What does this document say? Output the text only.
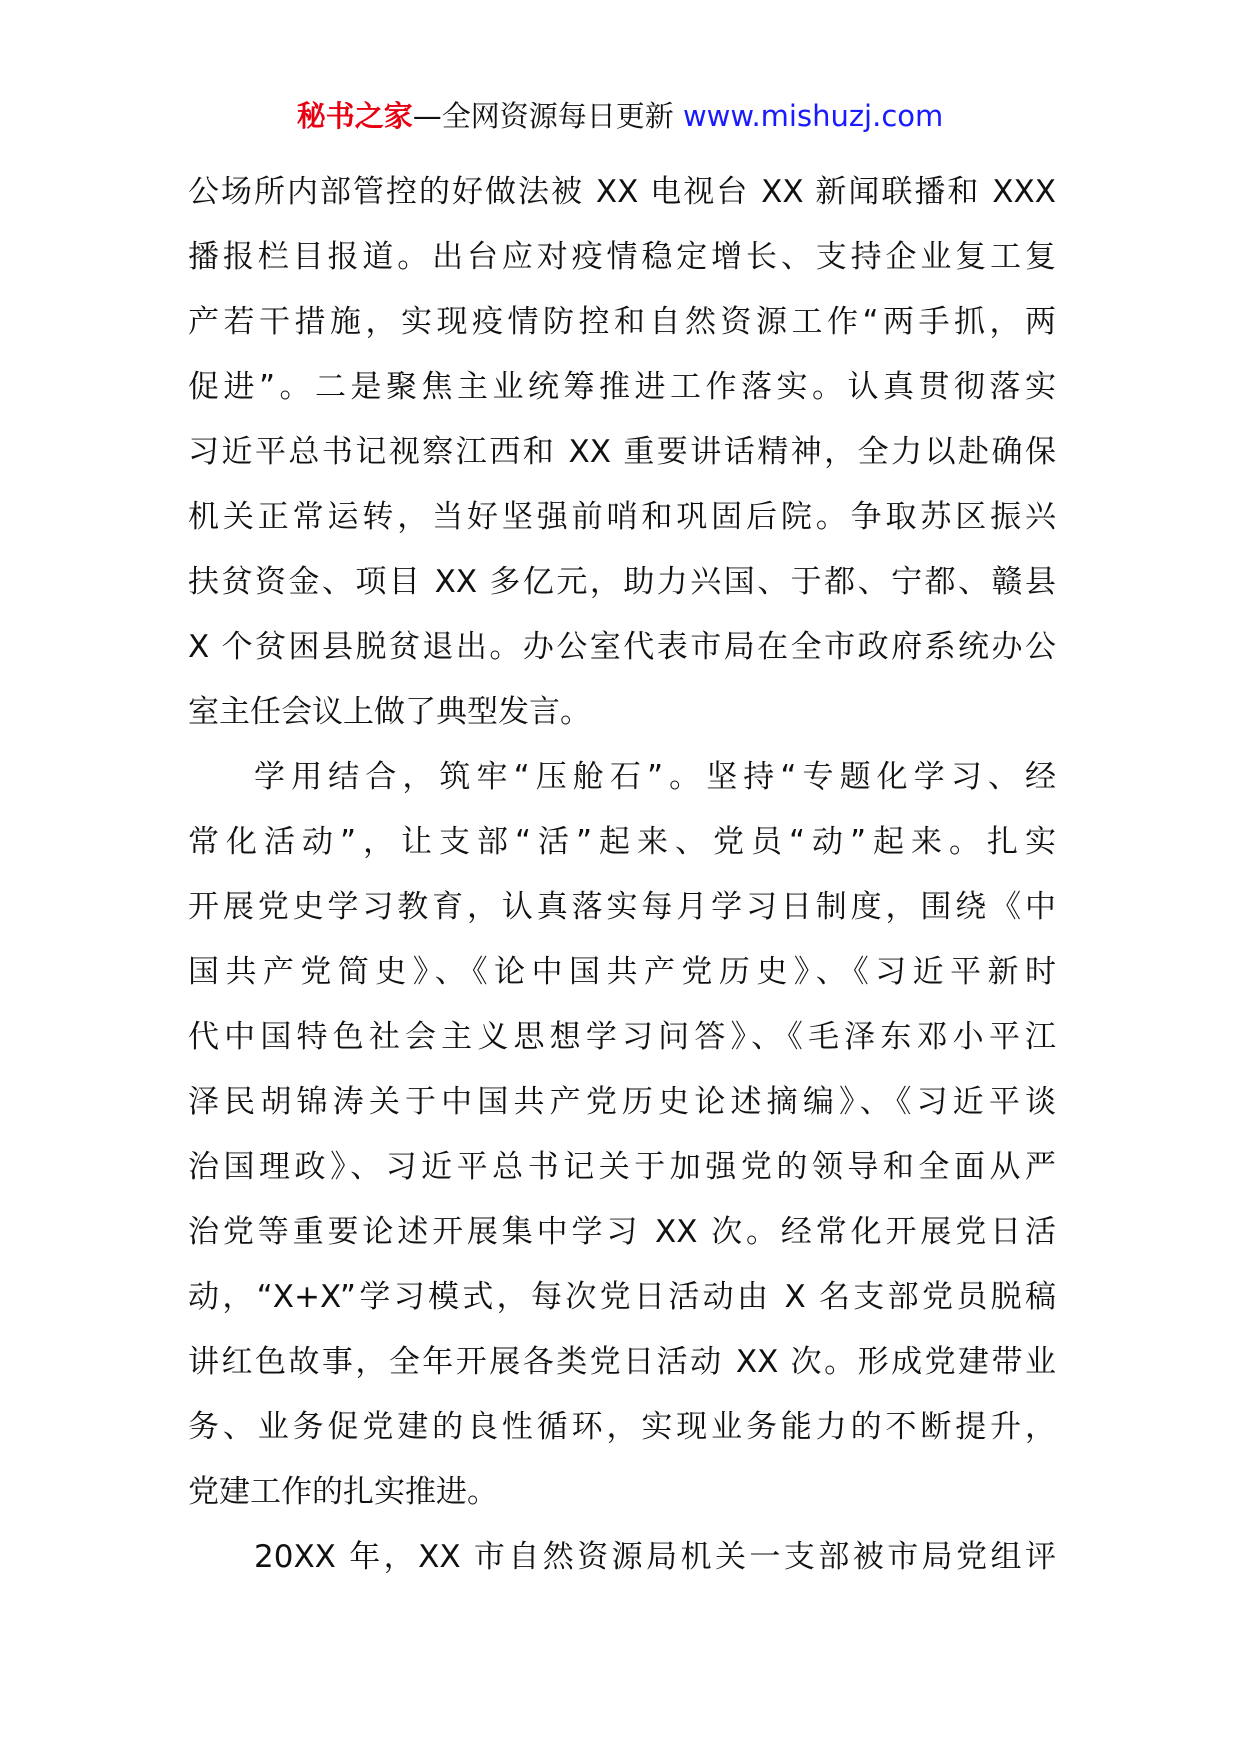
秘书之家—全网资源每日更新 www.mishuzj.com
公场所内部管控的好做法被 XX 电视台 XX 新闻联播和 XXX
播报栏目报道。出台应对疫情稳定增长、支持企业复工复
产若干措施，实现疫情防控和自然资源工作“两手抓，两
促进”。二是聚焦主业统筹推进工作落实。认真贯彻落实
习近平总书记视察江西和 XX 重要讲话精神，全力以赴确保
机关正常运转，当好坚强前哨和巩固后院。争取苏区振兴
扶贫资金、项目 XX 多亿元，助力兴国、于都、宁都、赣县
X 个贫困县脱贫退出。办公室代表市局在全市政府系统办公
室主任会议上做了典型发言。
学用结合，筑牢“压舱石”。坚持“专题化学习、经
常化活动”，让支部“活”起来、党员“动”起来。扎实
开展党史学习教育，认真落实每月学习日制度，围绕《中
国共产党简史》、《论中国共产党历史》、《习近平新时
代中国特色社会主义思想学习问答》、《毛泽东邓小平江
泽民胡锦涛关于中国共产党历史论述摘编》、《习近平谈
治国理政》、习近平总书记关于加强党的领导和全面从严
治党等重要论述开展集中学习 XX 次。经常化开展党日活
动，“X+X”学习模式，每次党日活动由 X 名支部党员脱稿
讲红色故事，全年开展各类党日活动 XX 次。形成党建带业
务、业务促党建的良性循环，实现业务能力的不断提升，
党建工作的扎实推进。
20XX 年，XX 市自然资源局机关一支部被市局党组评
